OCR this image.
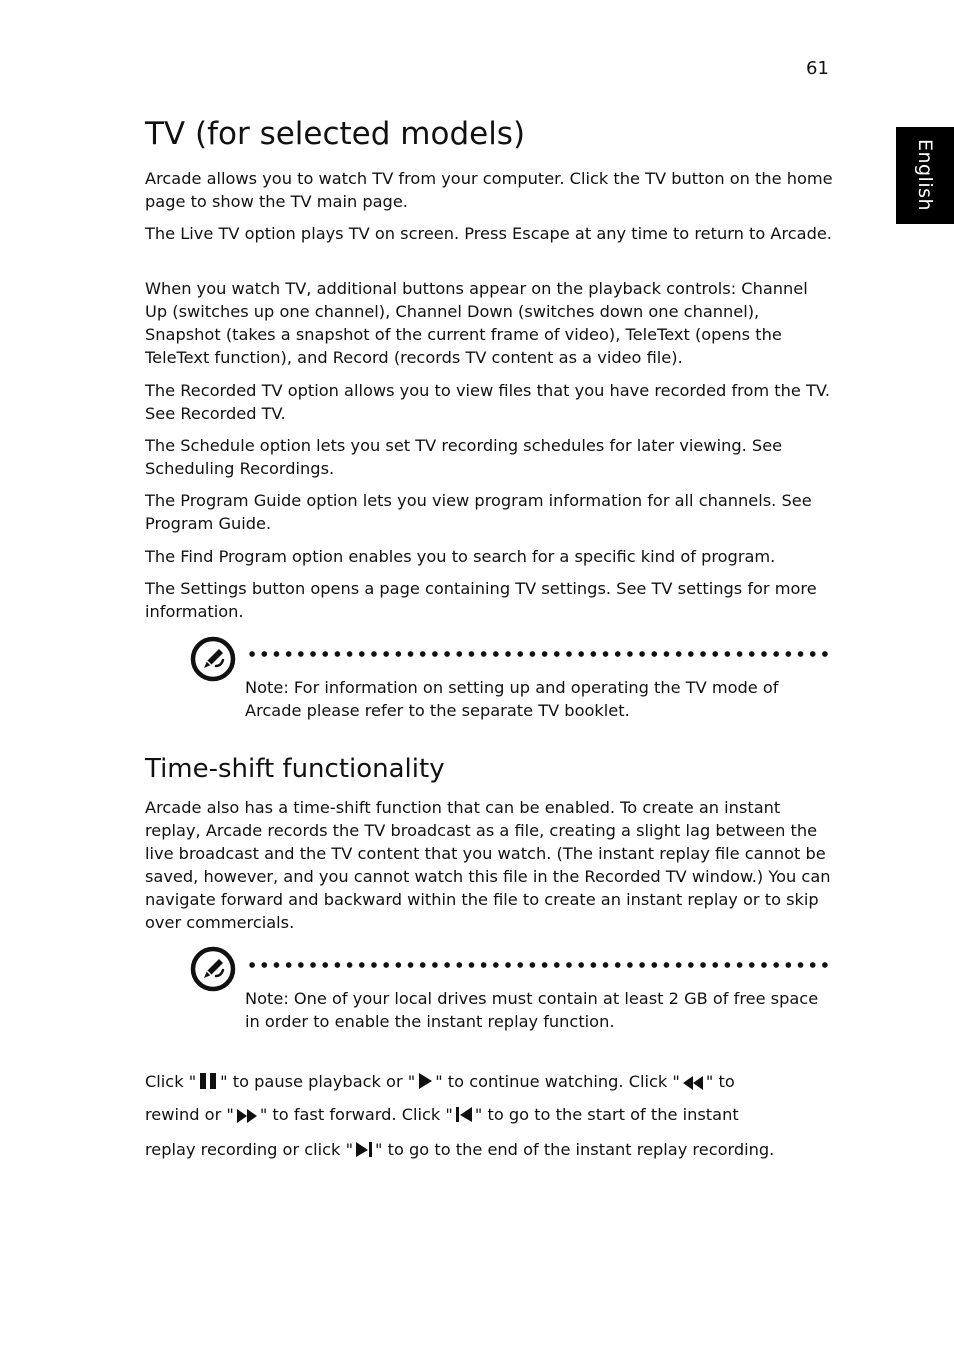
61
English
TV (for selected models)

Arcade allows you to watch TV from your computer. Click the TV button on the home page to show the TV main page.

The Live TV option plays TV on screen. Press Escape at any time to return to Arcade.

When you watch TV, additional buttons appear on the playback controls: Channel Up (switches up one channel), Channel Down (switches down one channel), Snapshot (takes a snapshot of the current frame of video), TeleText (opens the TeleText function), and Record (records TV content as a video file).

The Recorded TV option allows you to view files that you have recorded from the TV. See Recorded TV.

The Schedule option lets you set TV recording schedules for later viewing. See Scheduling Recordings.

The Program Guide option lets you view program information for all channels. See Program Guide.

The Find Program option enables you to search for a specific kind of program.

The Settings button opens a page containing TV settings. See TV settings for more information.

Note: For information on setting up and operating the TV mode of Arcade please refer to the separate TV booklet.

Time-shift functionality

Arcade also has a time-shift function that can be enabled. To create an instant replay, Arcade records the TV broadcast as a file, creating a slight lag between the live broadcast and the TV content that you watch. (The instant replay file cannot be saved, however, and you cannot watch this file in the Recorded TV window.) You can navigate forward and backward within the file to create an instant replay or to skip over commercials.

Note: One of your local drives must contain at least 2 GB of free space in order to enable the instant replay function.

Click " " to pause playback or " " to continue watching. Click " " to
rewind or " " to fast forward. Click " " to go to the start of the instant
replay recording or click " " to go to the end of the instant replay recording.
